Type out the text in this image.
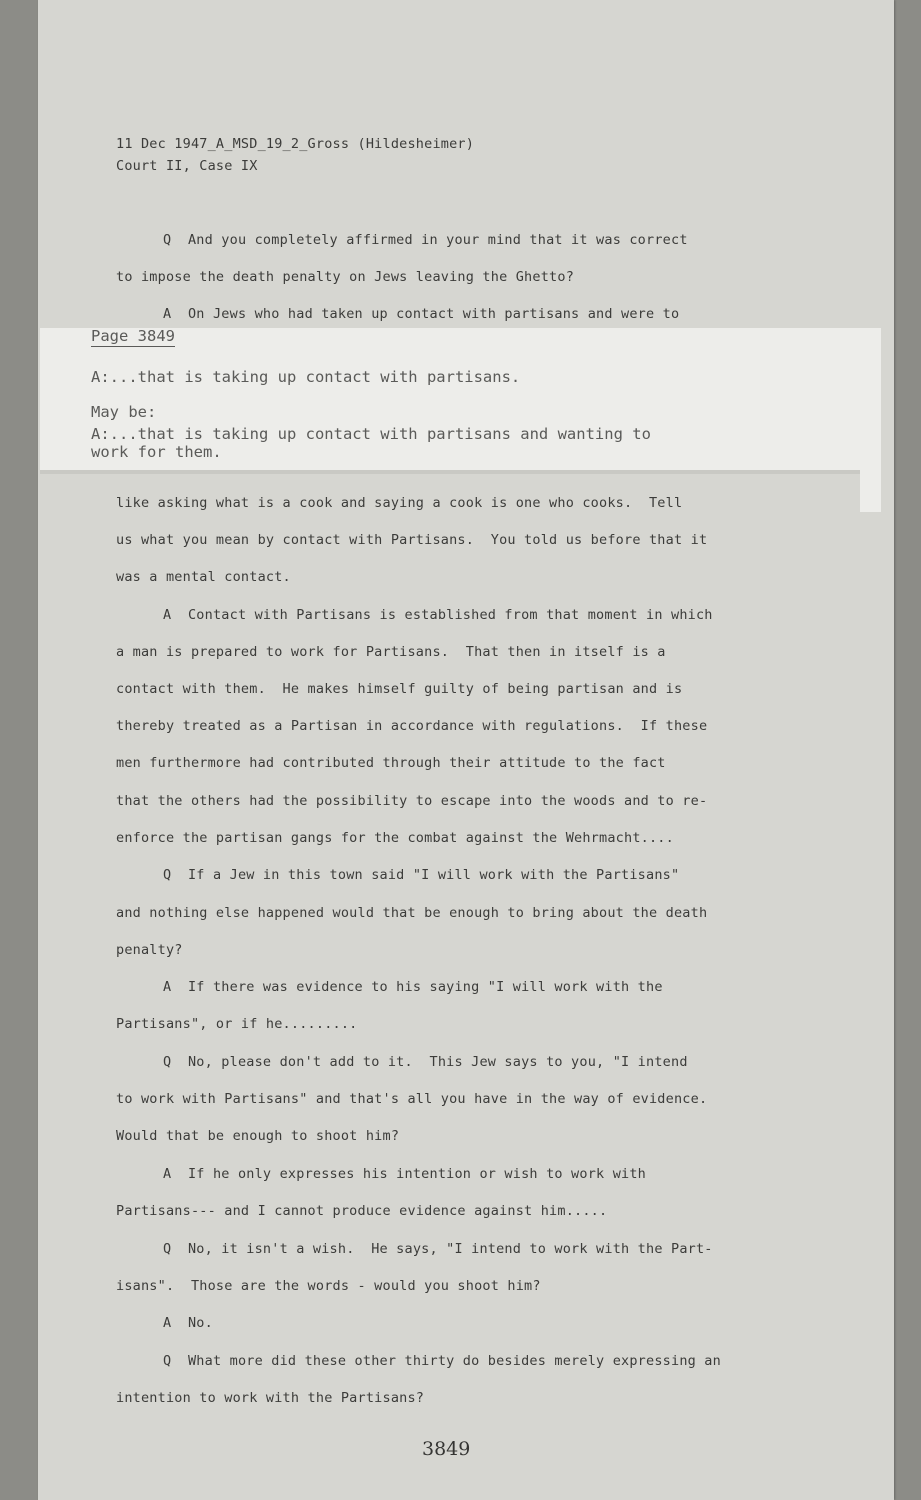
11 Dec 1947_A_MSD_19_2_Gross (Hildesheimer)
Court II, Case IX
Q  And you completely affirmed in your mind that it was correct
to impose the death penalty on Jews leaving the Ghetto?
A  On Jews who had taken up contact with partisans and were to
Page 3849
A:...that is taking up contact with partisans.
May be:
A:...that is taking up contact with partisans and wanting to
work for them.
like asking what is a cook and saying a cook is one who cooks.  Tell
us what you mean by contact with Partisans.  You told us before that it
was a mental contact.
A  Contact with Partisans is established from that moment in which
a man is prepared to work for Partisans.  That then in itself is a
contact with them.  He makes himself guilty of being partisan and is
thereby treated as a Partisan in accordance with regulations.  If these
men furthermore had contributed through their attitude to the fact
that the others had the possibility to escape into the woods and to re-
enforce the partisan gangs for the combat against the Wehrmacht....
Q  If a Jew in this town said "I will work with the Partisans"
and nothing else happened would that be enough to bring about the death
penalty?
A  If there was evidence to his saying "I will work with the
Partisans", or if he.........
Q  No, please don't add to it.  This Jew says to you, "I intend
to work with Partisans" and that's all you have in the way of evidence.
Would that be enough to shoot him?
A  If he only expresses his intention or wish to work with
Partisans--- and I cannot produce evidence against him.....
Q  No, it isn't a wish.  He says, "I intend to work with the Part-
isans".  Those are the words - would you shoot him?
A  No.
Q  What more did these other thirty do besides merely expressing an
intention to work with the Partisans?
3849
